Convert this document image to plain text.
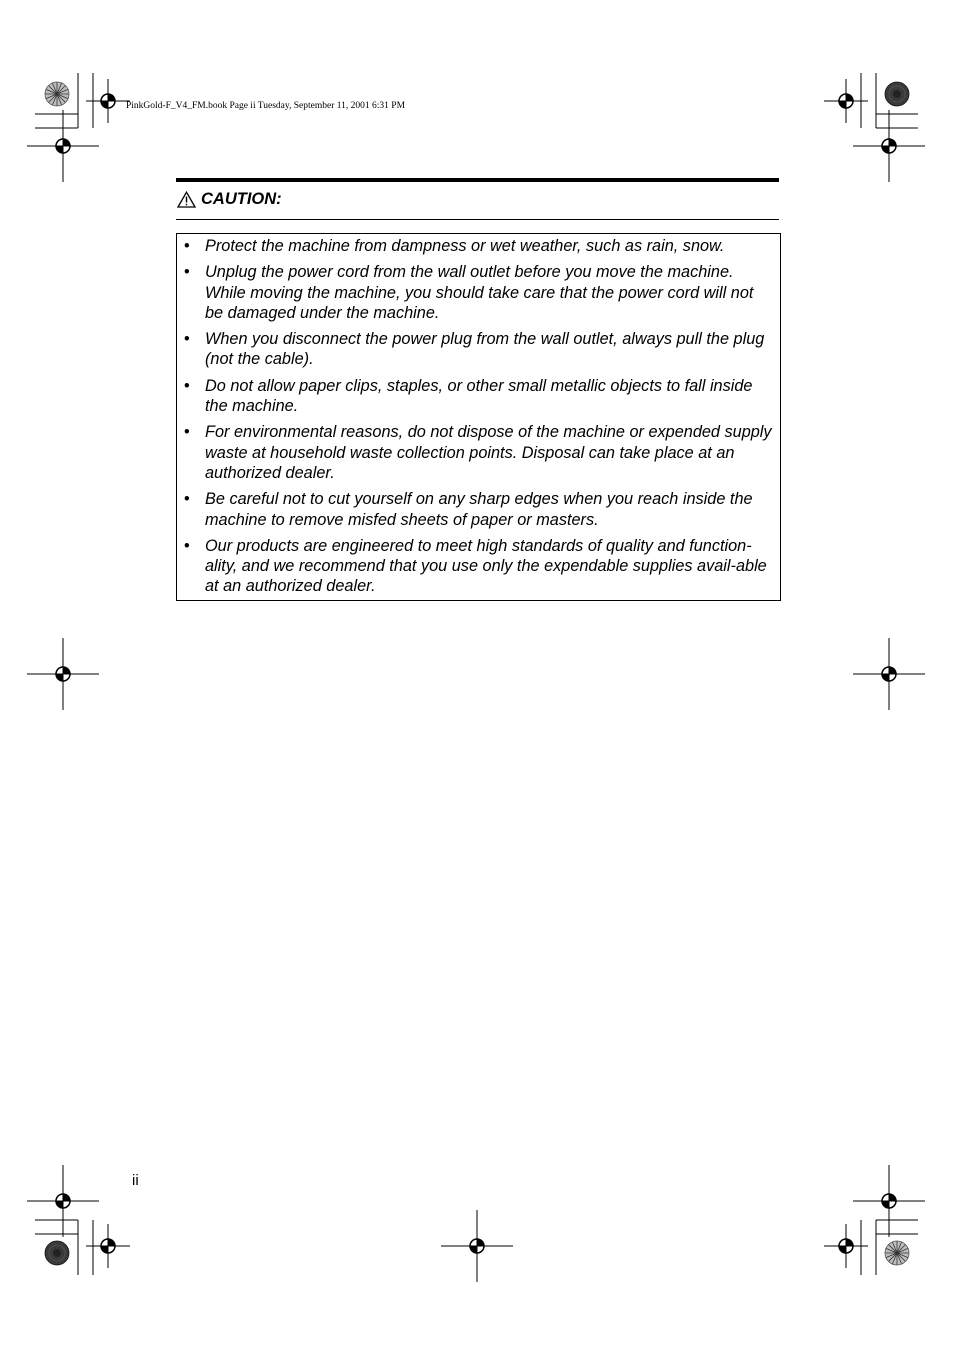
PinkGold-F_V4_FM.book Page ii Tuesday, September 11, 2001 6:31 PM
CAUTION:
• Protect the machine from dampness or wet weather, such as rain, snow.
• Unplug the power cord from the wall outlet before you move the machine. While moving the machine, you should take care that the power cord will not be damaged under the machine.
• When you disconnect the power plug from the wall outlet, always pull the plug (not the cable).
• Do not allow paper clips, staples, or other small metallic objects to fall inside the machine.
• For environmental reasons, do not dispose of the machine or expended supply waste at household waste collection points. Disposal can take place at an authorized dealer.
• Be careful not to cut yourself on any sharp edges when you reach inside the machine to remove misfed sheets of paper or masters.
• Our products are engineered to meet high standards of quality and function-ality, and we recommend that you use only the expendable supplies avail-able at an authorized dealer.
ii
